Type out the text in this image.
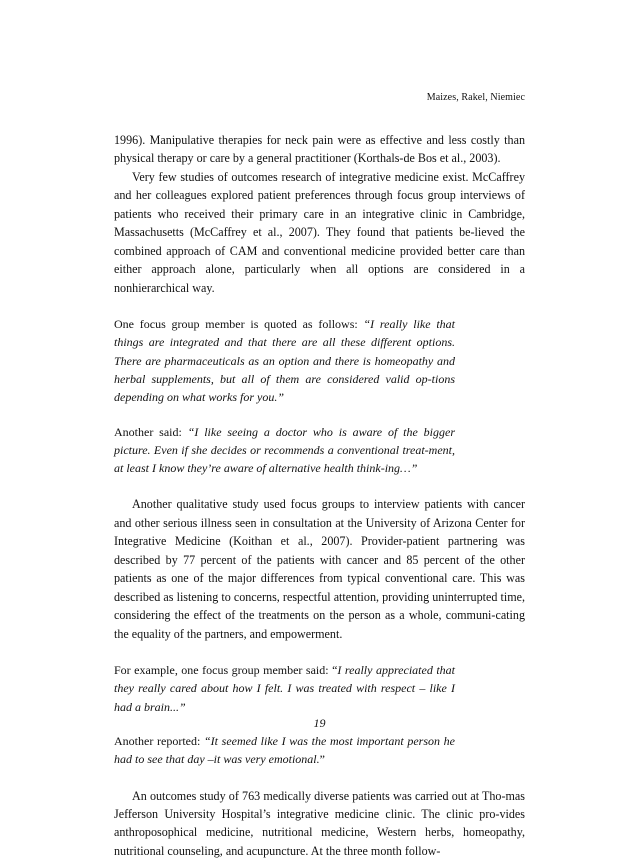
Maizes, Rakel, Niemiec

1996). Manipulative therapies for neck pain were as effective and less costly than physical therapy or care by a general practitioner (Korthals-de Bos et al., 2003).

Very few studies of outcomes research of integrative medicine exist. McCaffrey and her colleagues explored patient preferences through focus group interviews of patients who received their primary care in an integrative clinic in Cambridge, Massachusetts (McCaffrey et al., 2007). They found that patients be-lieved the combined approach of CAM and conventional medicine provided better care than either approach alone, particularly when all options are considered in a nonhierarchical way.

One focus group member is quoted as follows: “I really like that things are integrated and that there are all these different options. There are pharmaceuticals as an option and there is homeopathy and herbal supplements, but all of them are considered valid op-tions depending on what works for you.”

Another said: “I like seeing a doctor who is aware of the bigger picture. Even if she decides or recommends a conventional treat-ment, at least I know they’re aware of alternative health think-ing…”

Another qualitative study used focus groups to interview patients with cancer and other serious illness seen in consultation at the University of Arizona Center for Integrative Medicine (Koithan et al., 2007). Provider-patient partnering was described by 77 percent of the patients with cancer and 85 percent of the other patients as one of the major differences from typical conventional care. This was described as listening to concerns, respectful attention, providing uninterrupted time, considering the effect of the treatments on the person as a whole, communi-cating the equality of the partners, and empowerment.

For example, one focus group member said: “I really appreciated that they really cared about how I felt. I was treated with respect – like I had a brain...”

Another reported: “It seemed like I was the most important person he had to see that day –it was very emotional.”

An outcomes study of 763 medically diverse patients was carried out at Tho-mas Jefferson University Hospital’s integrative medicine clinic. The clinic pro-vides anthroposophical medicine, nutritional medicine, Western herbs, homeopathy, nutritional counseling, and acupuncture. At the three month follow-

19
